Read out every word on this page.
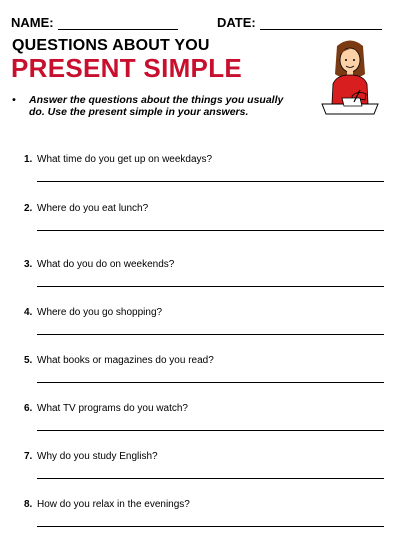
NAME:	DATE:
QUESTIONS ABOUT YOU
PRESENT SIMPLE
•	Answer the questions about the things you usually do. Use the present simple in your answers.
1. What time do you get up on weekdays?
2. Where do you eat lunch?
3. What do you do on weekends?
4. Where do you go shopping?
5. What books or magazines do you read?
6. What TV programs do you watch?
7. Why do you study English?
8. How do you relax in the evenings?
